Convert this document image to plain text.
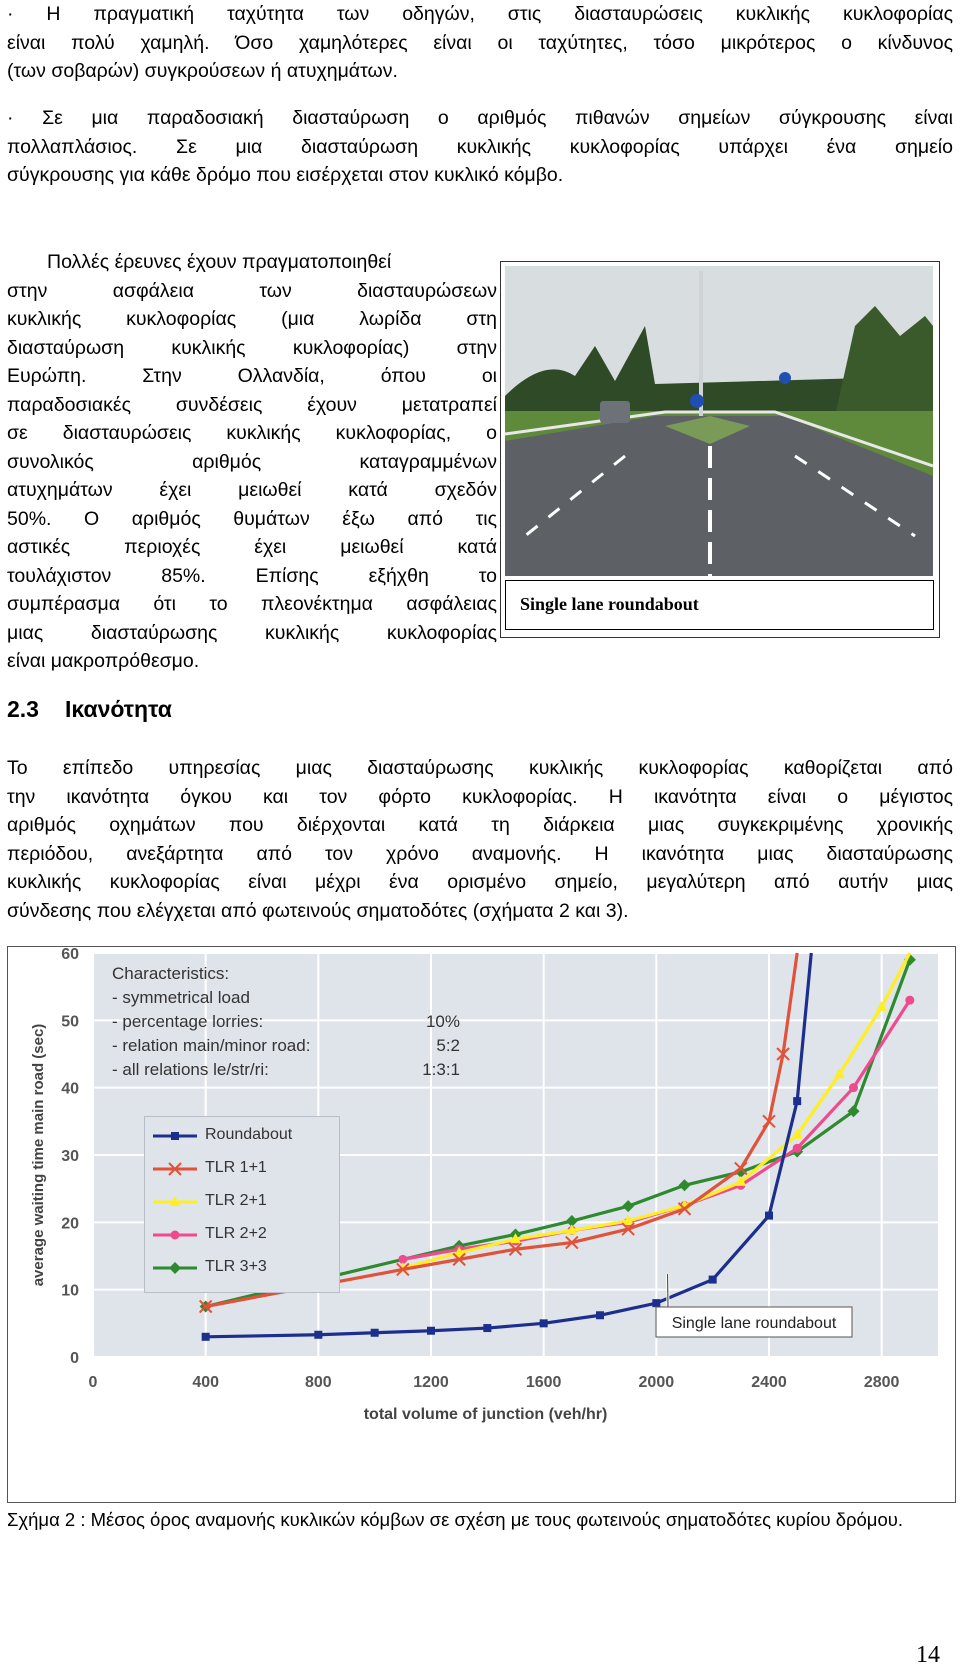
· Η πραγματική ταχύτητα των οδηγών, στις διασταυρώσεις κυκλικής κυκλοφορίας
είναι πολύ χαμηλή. Όσο χαμηλότερες είναι οι ταχύτητες, τόσο μικρότερος ο κίνδυνος
(των σοβαρών) συγκρούσεων ή ατυχημάτων.
· Σε μια παραδοσιακή διασταύρωση ο αριθμός πιθανών σημείων σύγκρουσης είναι
πολλαπλάσιος. Σε μια διασταύρωση κυκλικής κυκλοφορίας υπάρχει ένα σημείο
σύγκρουσης για κάθε δρόμο που εισέρχεται στον κυκλικό κόμβο.
Πολλές έρευνες έχουν πραγματοποιηθεί
στην ασφάλεια των διασταυρώσεων
κυκλικής κυκλοφορίας (μια λωρίδα στη
διασταύρωση κυκλικής κυκλοφορίας) στην
Ευρώπη. Στην Ολλανδία, όπου οι
παραδοσιακές συνδέσεις έχουν μετατραπεί
σε διασταυρώσεις κυκλικής κυκλοφορίας, ο
συνολικός αριθμός καταγραμμένων
ατυχημάτων έχει μειωθεί κατά σχεδόν
50%. Ο αριθμός θυμάτων έξω από τις
αστικές περιοχές έχει μειωθεί κατά
τουλάχιστον 85%. Επίσης εξήχθη το
συμπέρασμα ότι το πλεονέκτημα ασφάλειας
μιας διασταύρωσης κυκλικής κυκλοφορίας
είναι μακροπρόθεσμο.
Single lane roundabout
2.3 Ικανότητα
Το επίπεδο υπηρεσίας μιας διασταύρωσης κυκλικής κυκλοφορίας καθορίζεται από
την ικανότητα όγκου και τον φόρτο κυκλοφορίας. Η ικανότητα είναι ο μέγιστος
αριθμός οχημάτων που διέρχονται κατά τη διάρκεια μιας συγκεκριμένης χρονικής
περιόδου, ανεξάρτητα από τον χρόνο αναμονής. Η ικανότητα μιας διασταύρωσης
κυκλικής κυκλοφορίας είναι μέχρι ένα ορισμένο σημείο, μεγαλύτερη από αυτήν μιας
σύνδεσης που ελέγχεται από φωτεινούς σηματοδότες (σχήματα 2 και 3).
0
10
20
30
40
50
60
0	400	800	1200	1600	2000	2400	2800
total volume of junction (veh/hr)
average waiting time main road (sec)
Single lane roundabout
Characteristics:
- symmetrical load
- percentage lorries:	10%
- relation main/minor road:	5:2
- all relations le/str/ri:	1:3:1
Roundabout
TLR 1+1
TLR 2+1
TLR 2+2
TLR 3+3
Σχήμα 2 : Μέσος όρος αναμονής κυκλικών κόμβων σε σχέση με τους φωτεινούς σηματοδότες κυρίου δρόμου.
14
